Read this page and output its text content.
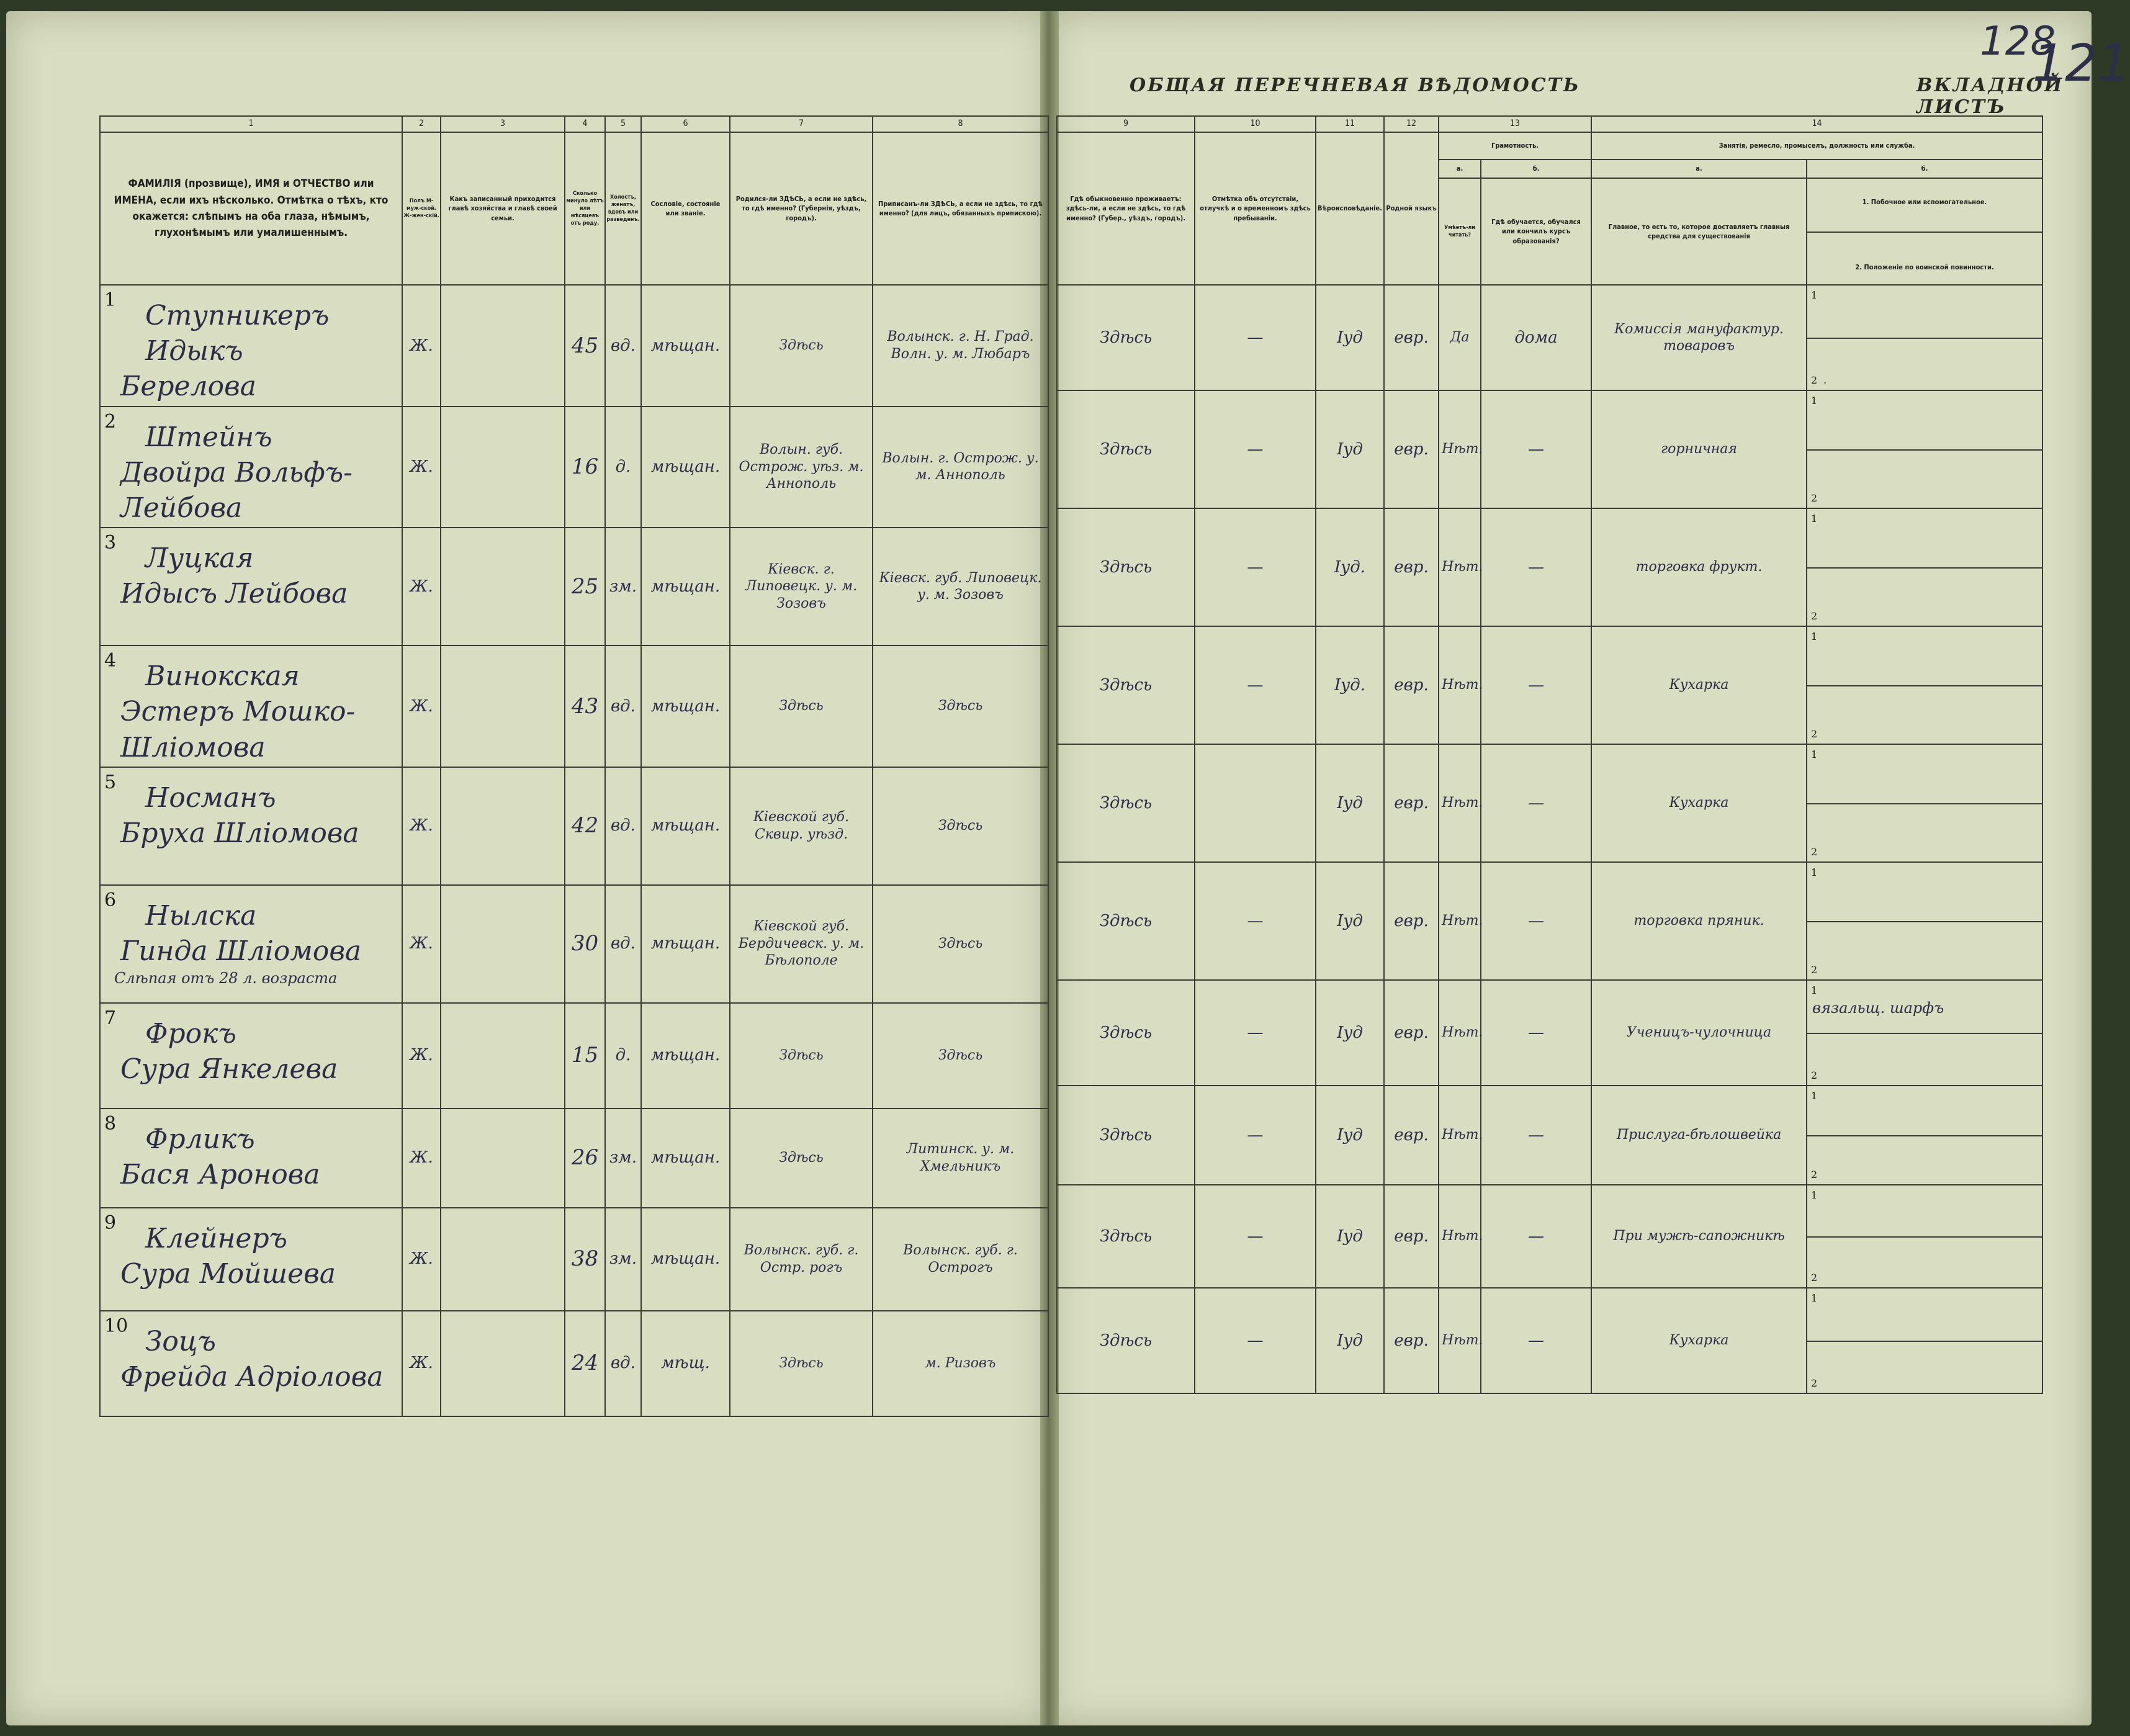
ОБЩАЯ ПЕРЕЧНЕВАЯ ВѢДОМОСТЬ	ВКЛАДНОЙ ЛИСТЪ
128
121
1	2	3	4	5	6	7	8
ФАМИЛІЯ (прозвище), ИМЯ и ОТЧЕСТВО или ИМЕНА, если ихъ нѣсколько. Отмѣтка о тѣхъ, кто окажется: слѣпымъ на оба глаза, нѣмымъ, глухонѣмымъ или умалишеннымъ.	Полъ М-муж-ской. Ж-жен-скій.	Какъ записанный приходится главѣ хозяйства и главѣ своей семьи.	Сколько минуло лѣтъ или мѣсяцевъ отъ роду.	Холостъ, женатъ, вдовъ или разведенъ.	Сословіе, состояніе или званіе.	Родился-ли ЗДѢСЬ, а если не здѣсь, то гдѣ именно? (Губернія, уѣздъ, городъ).	Приписанъ-ли ЗДѢСЬ, а если не здѣсь, то гдѣ именно? (для лицъ, обязанныхъ припискою).

1 Ступникеръ Идыкъ
Берелова	Ж.		45	вд.	мѣщан.	Здѣсь	Волынск. г. Н. Град. Волн. у. м. Любаръ

2 Штейнъ
Двойра Вольфъ-Лейбова	Ж.		16	д.	мѣщан.	Волын. губ. Острож. уѣз. м. Аннополь	Волын. г. Острож. у. м. Аннополь

3 Луцкая
Идысъ Лейбова	Ж.		25	зм.	мѣщан.	Кіевск. г. Липовецк. у. м. Зозовъ	Кіевск. губ. Липовецк. у. м. Зозовъ

4 Винокская
Эстеръ Мошко-Шліомова	Ж.		43	вд.	мѣщан.	Здѣсь	Здѣсь

5 Носманъ
Бруха Шліомова	Ж.		42	вд.	мѣщан.	Кіевской губ. Сквир. уѣзд.	Здѣсь

6 Нылска
Гинда Шліомова
Слѣпая отъ 28 л. возраста	Ж.		30	вд.	мѣщан.	Кіевской губ. Бердичевск. у. м. Бѣлополе	Здѣсь

7 Фрокъ
Сура Янкелева	Ж.		15	д.	мѣщан.	Здѣсь	Здѣсь

8 Фрликъ
Бася Аронова	Ж.		26	зм.	мѣщан.	Здѣсь	Литинск. у. м. Хмельникъ

9 Клейнеръ
Сура Мойшева	Ж.		38	зм.	мѣщан.	Волынск. губ. г. Остр. рогъ	Волынск. губ. г. Острогъ

10 Зоцъ
Фрейда Адріолова	Ж.		24	вд.	мѣщ.	Здѣсь	м. Ризовъ
9	10	11	12	13		14	
Гдѣ обыкновенно проживаетъ: здѣсь-ли, а если не здѣсь, то гдѣ именно? (Губер., уѣздъ, городъ).	Отмѣтка объ отсутствіи, отлучкѣ и о временномъ здѣсь пребываніи.	Вѣроисповѣданіе.	Родной языкъ	Грамотность.		Занятія, ремесло, промыселъ, должность или служба.	
				а.	б.	а.	б.
				Умѣетъ-ли читать?	Гдѣ обучается, обучался или кончилъ курсъ образованія?	Главное, то есть то, которое доставляетъ главныя средства для существованія	1. Побочное или вспомогательное.
2. Положеніе по воинской повинности.

Здѣсь	—	Іуд	евр.	Да	дома	Комиссія мануфактур. товаровъ	1
2 .

Здѣсь	—	Іуд	евр.	Нѣт.	—	горничная	1
2

Здѣсь	—	Іуд.	евр.	Нѣт.	—	торговка фрукт.	1
2

Здѣсь	—	Іуд.	евр.	Нѣт.	—	Кухарка	1
2

Здѣсь		Іуд	евр.	Нѣт.	—	Кухарка	1
2

Здѣсь	—	Іуд	евр.	Нѣт.	—	торговка пряник.	1
2

Здѣсь	—	Іуд	евр.	Нѣт.	—	Ученицъ-чулочница	1
вязальщ. шарфъ
2

Здѣсь	—	Іуд	евр.	Нѣт.	—	Прислуга-бѣлошвейка	1
2

Здѣсь	—	Іуд	евр.	Нѣт.	—	При мужѣ-сапожникѣ	1
2

Здѣсь	—	Іуд	евр.	Нѣт.	—	Кухарка	1
2
